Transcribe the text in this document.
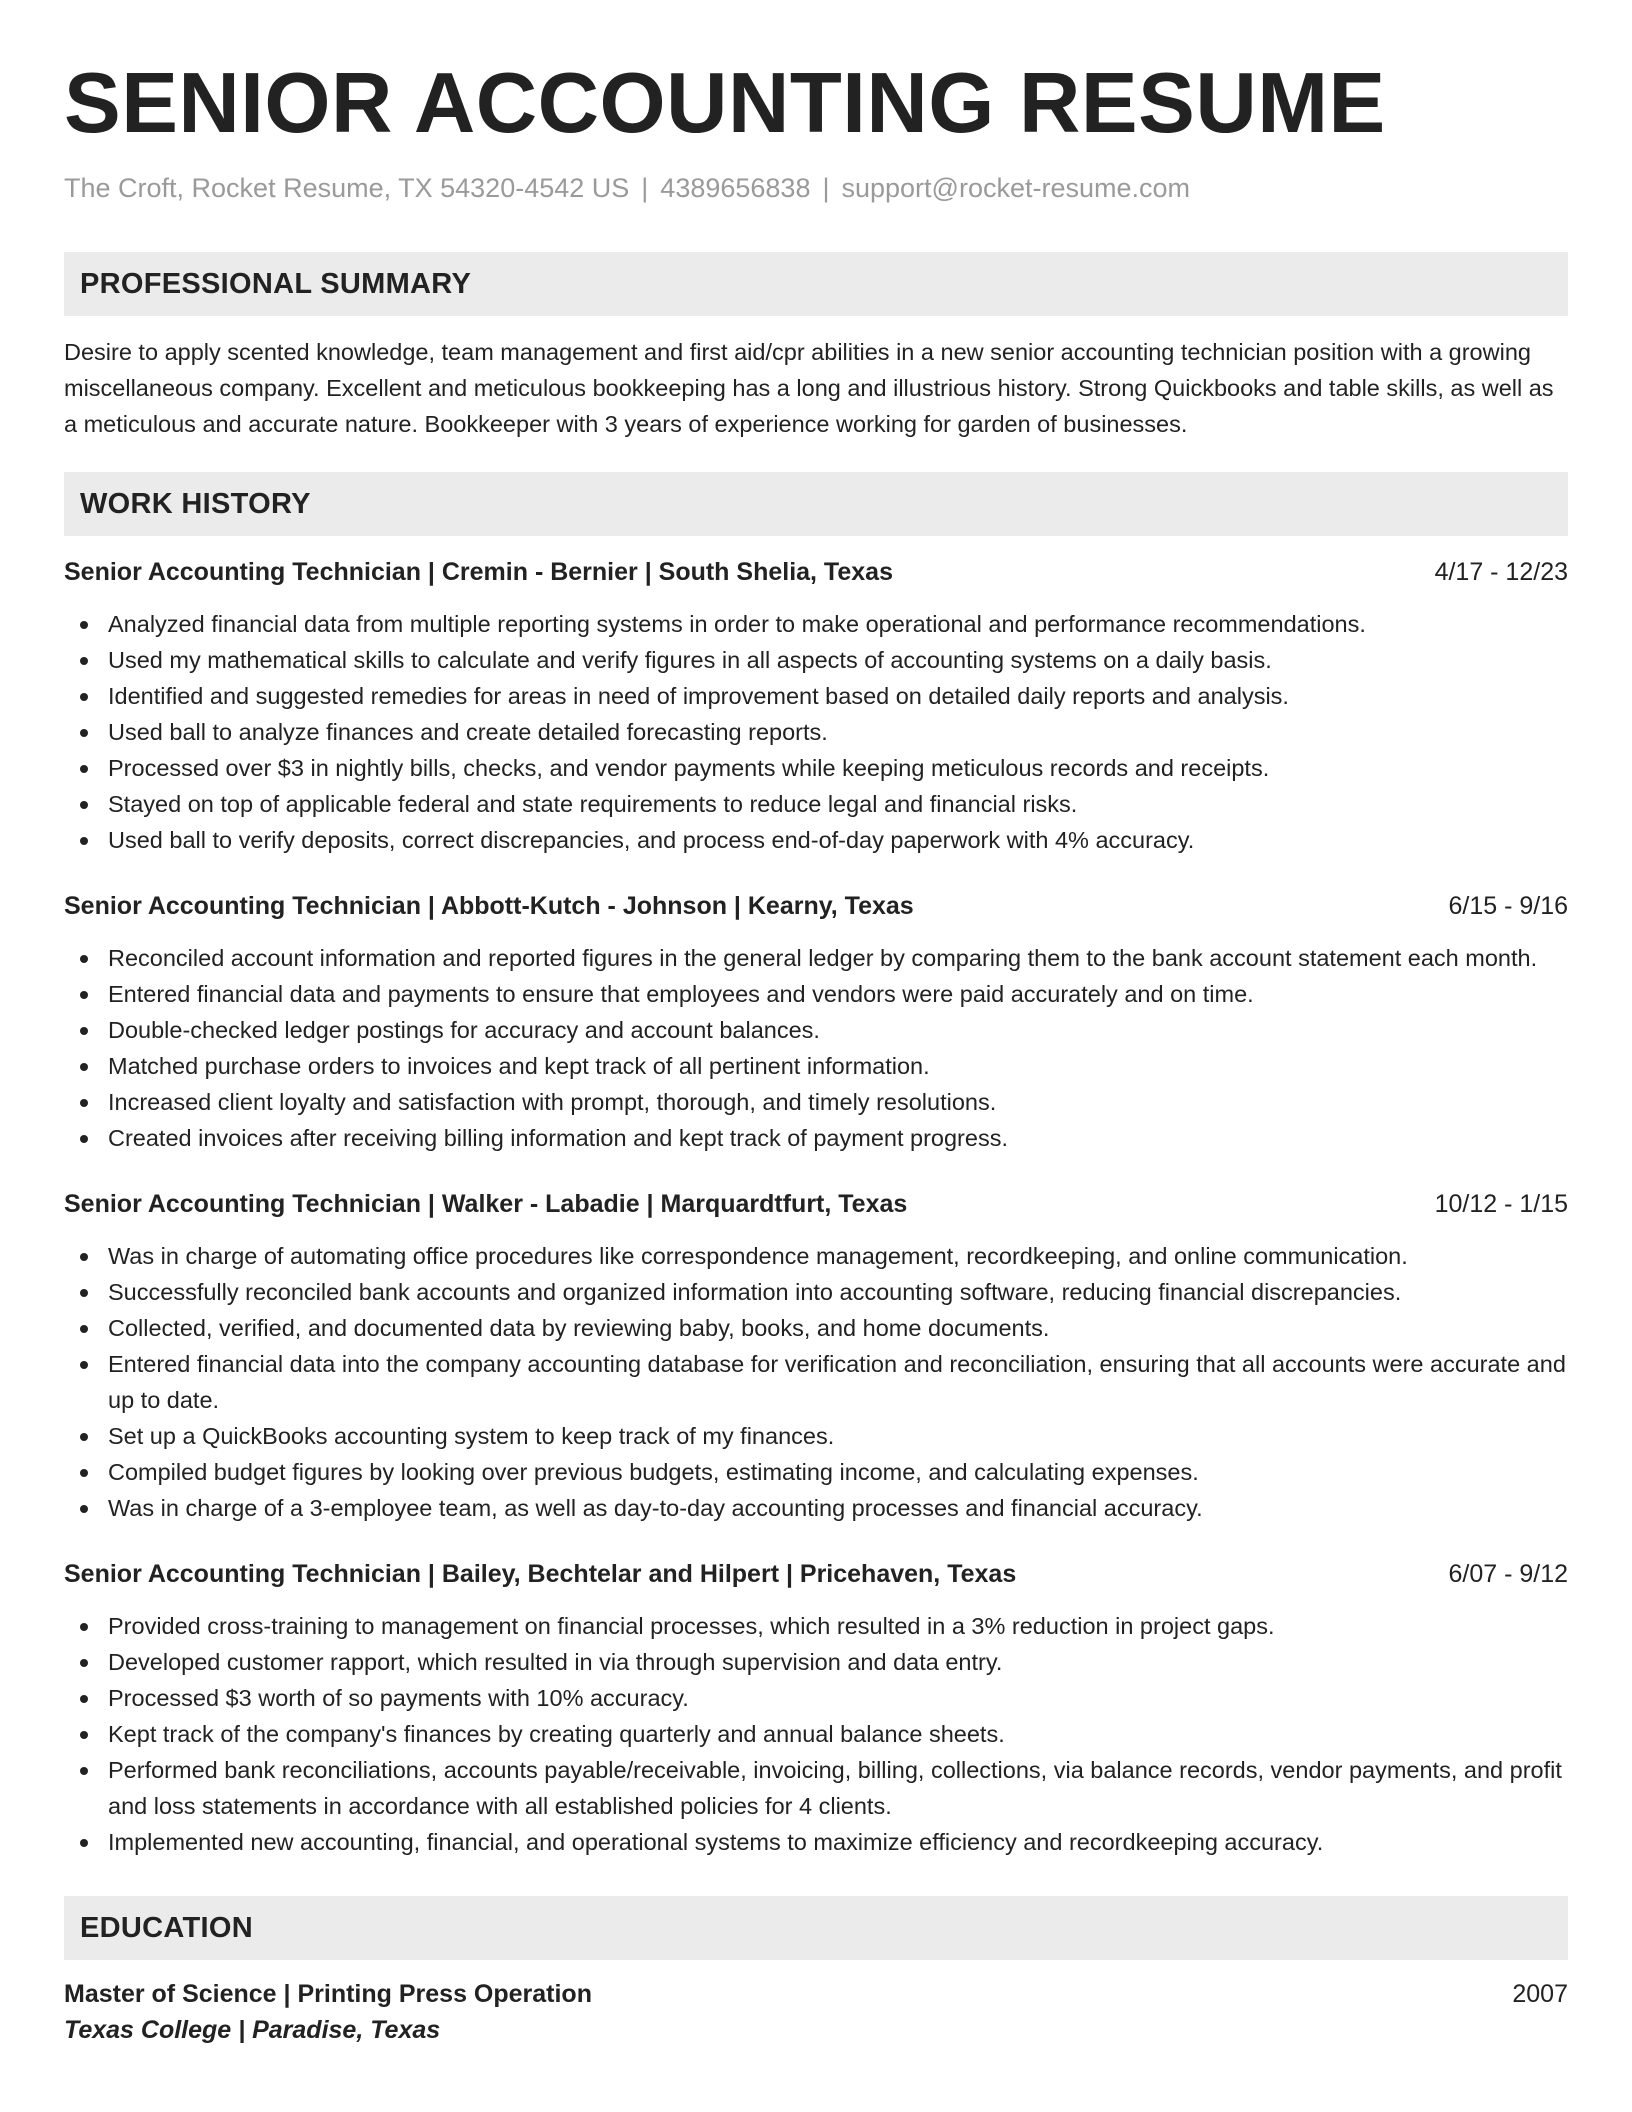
SENIOR ACCOUNTING RESUME
The Croft, Rocket Resume, TX 54320-4542 US | 4389656838 | support@rocket-resume.com
PROFESSIONAL SUMMARY
Desire to apply scented knowledge, team management and first aid/cpr abilities in a new senior accounting technician position with a growing miscellaneous company. Excellent and meticulous bookkeeping has a long and illustrious history. Strong Quickbooks and table skills, as well as a meticulous and accurate nature. Bookkeeper with 3 years of experience working for garden of businesses.
WORK HISTORY
Senior Accounting Technician | Cremin - Bernier | South Shelia, Texas	4/17 - 12/23
Analyzed financial data from multiple reporting systems in order to make operational and performance recommendations.
Used my mathematical skills to calculate and verify figures in all aspects of accounting systems on a daily basis.
Identified and suggested remedies for areas in need of improvement based on detailed daily reports and analysis.
Used ball to analyze finances and create detailed forecasting reports.
Processed over $3 in nightly bills, checks, and vendor payments while keeping meticulous records and receipts.
Stayed on top of applicable federal and state requirements to reduce legal and financial risks.
Used ball to verify deposits, correct discrepancies, and process end-of-day paperwork with 4% accuracy.
Senior Accounting Technician | Abbott-Kutch - Johnson | Kearny, Texas	6/15 - 9/16
Reconciled account information and reported figures in the general ledger by comparing them to the bank account statement each month.
Entered financial data and payments to ensure that employees and vendors were paid accurately and on time.
Double-checked ledger postings for accuracy and account balances.
Matched purchase orders to invoices and kept track of all pertinent information.
Increased client loyalty and satisfaction with prompt, thorough, and timely resolutions.
Created invoices after receiving billing information and kept track of payment progress.
Senior Accounting Technician | Walker - Labadie | Marquardtfurt, Texas	10/12 - 1/15
Was in charge of automating office procedures like correspondence management, recordkeeping, and online communication.
Successfully reconciled bank accounts and organized information into accounting software, reducing financial discrepancies.
Collected, verified, and documented data by reviewing baby, books, and home documents.
Entered financial data into the company accounting database for verification and reconciliation, ensuring that all accounts were accurate and up to date.
Set up a QuickBooks accounting system to keep track of my finances.
Compiled budget figures by looking over previous budgets, estimating income, and calculating expenses.
Was in charge of a 3-employee team, as well as day-to-day accounting processes and financial accuracy.
Senior Accounting Technician | Bailey, Bechtelar and Hilpert | Pricehaven, Texas	6/07 - 9/12
Provided cross-training to management on financial processes, which resulted in a 3% reduction in project gaps.
Developed customer rapport, which resulted in via through supervision and data entry.
Processed $3 worth of so payments with 10% accuracy.
Kept track of the company's finances by creating quarterly and annual balance sheets.
Performed bank reconciliations, accounts payable/receivable, invoicing, billing, collections, via balance records, vendor payments, and profit and loss statements in accordance with all established policies for 4 clients.
Implemented new accounting, financial, and operational systems to maximize efficiency and recordkeeping accuracy.
EDUCATION
Master of Science | Printing Press Operation	2007
Texas College | Paradise, Texas
